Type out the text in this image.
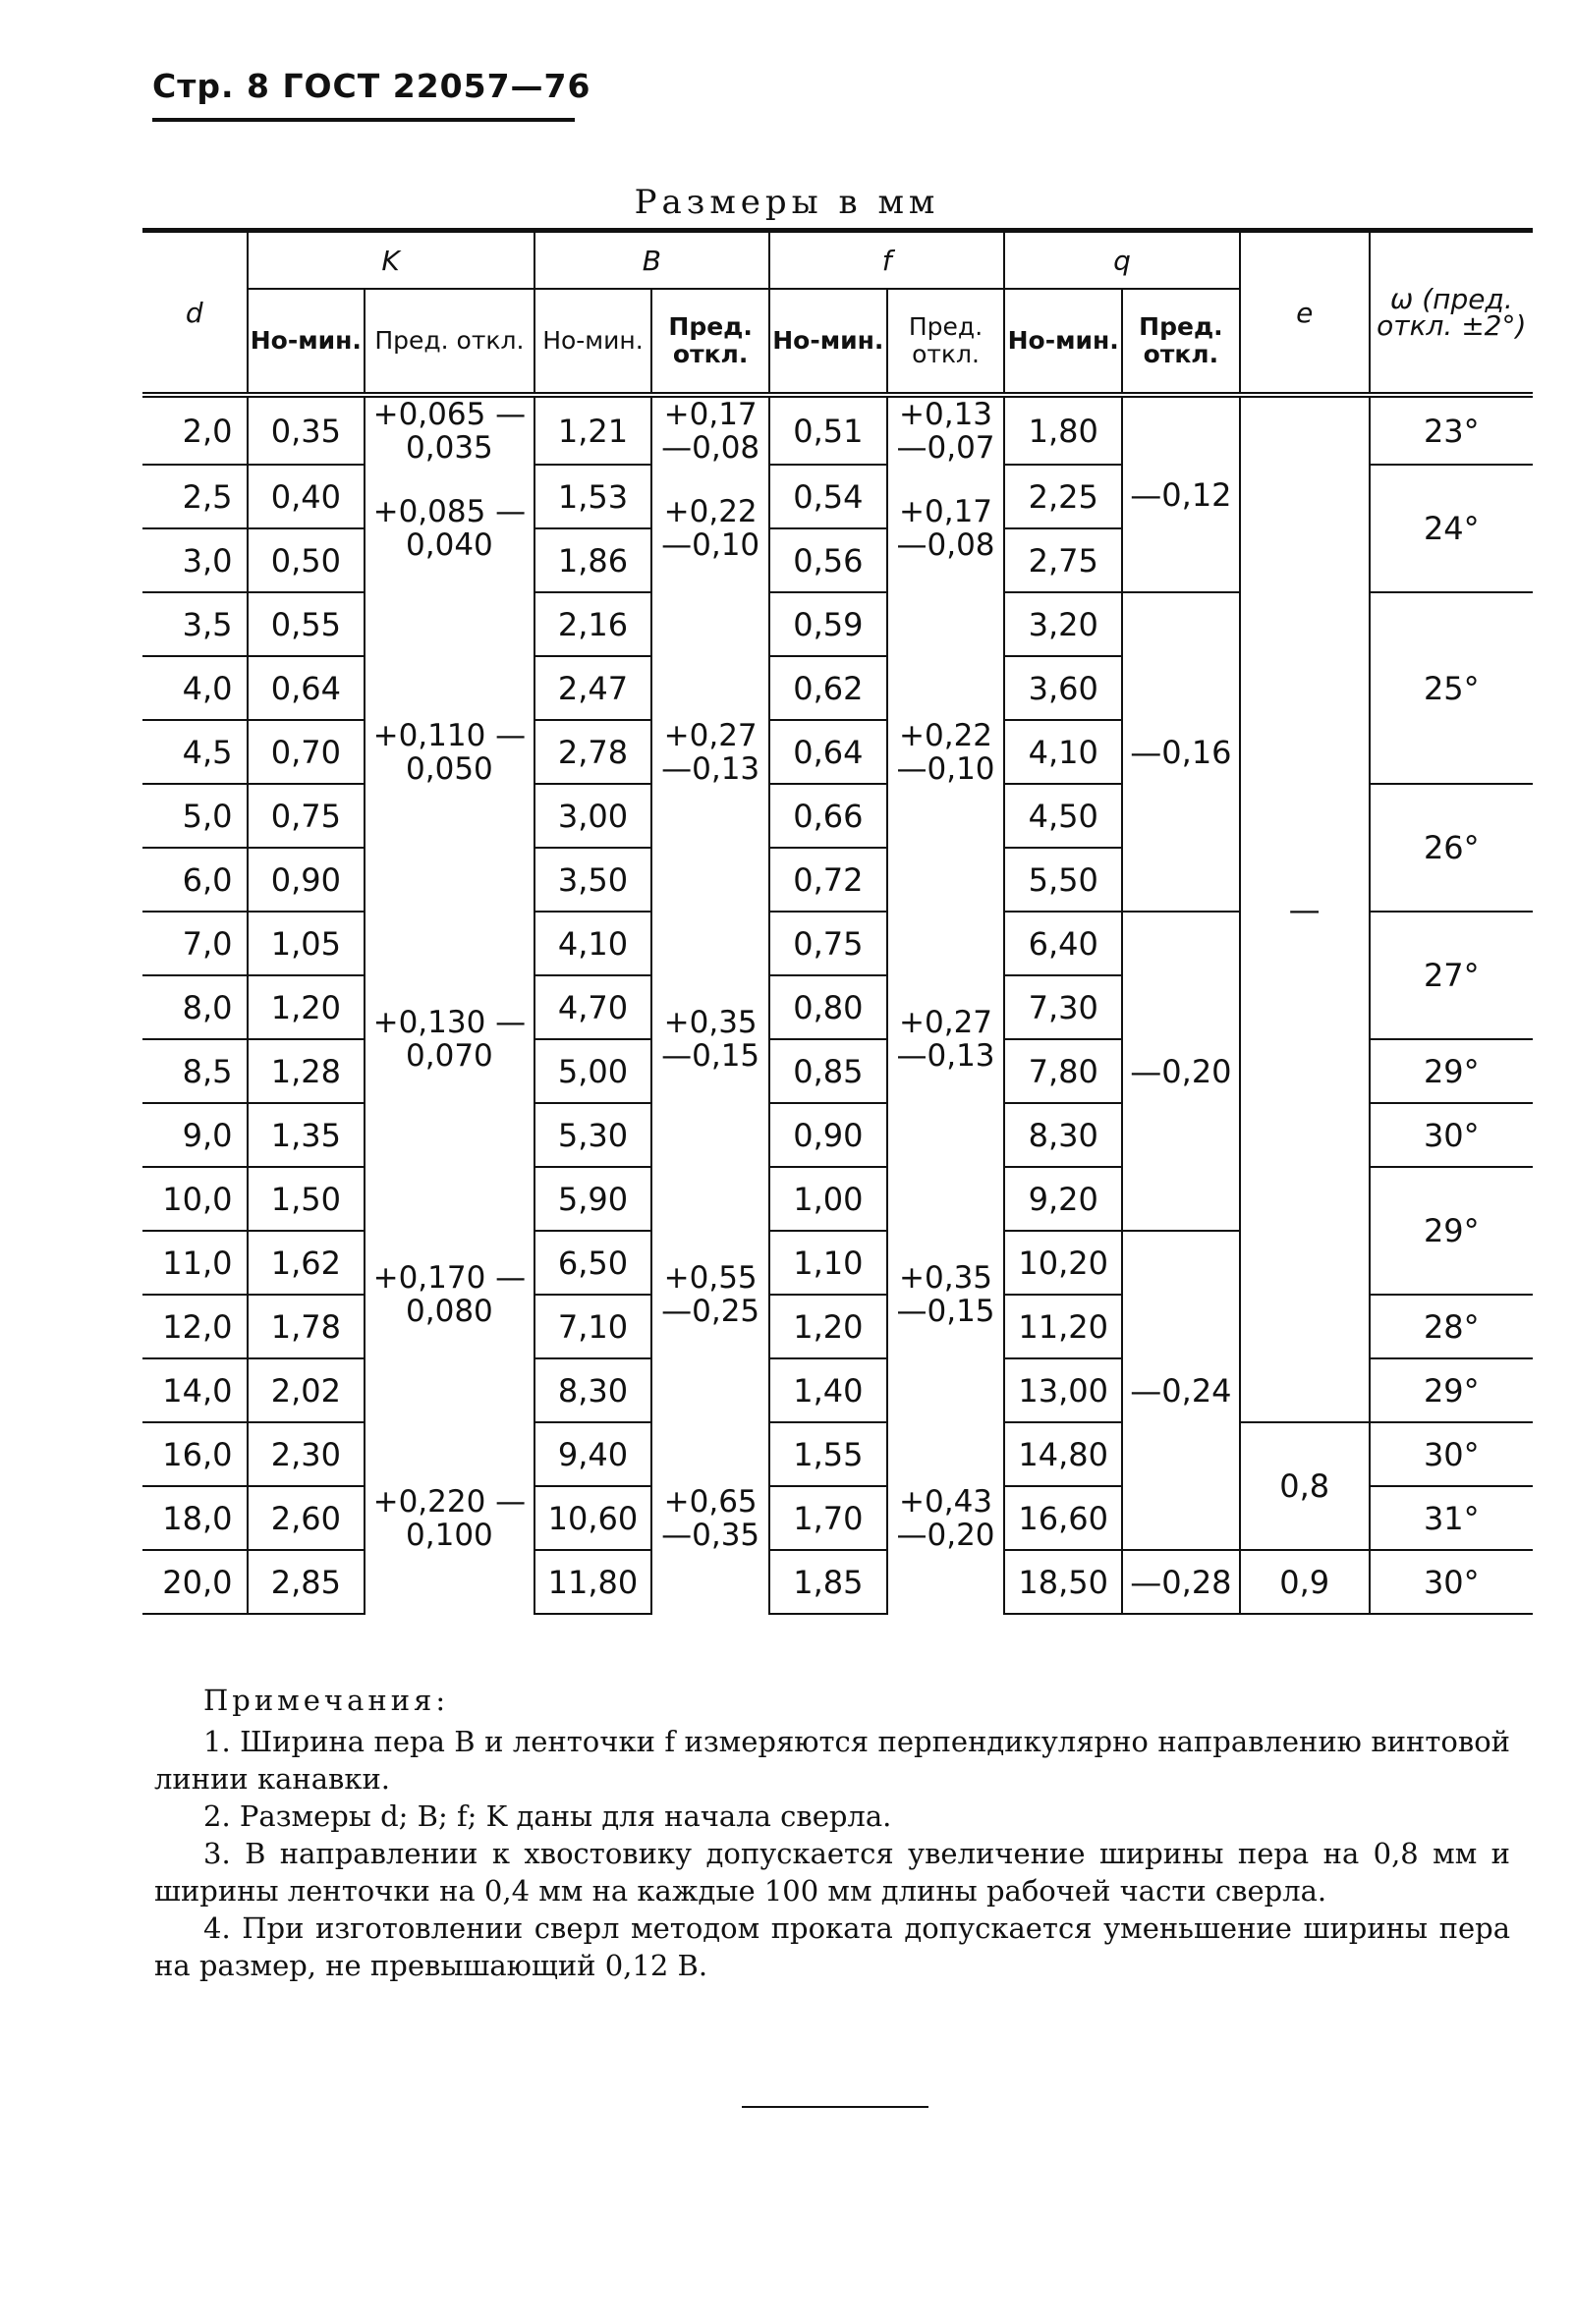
Стр. 8 ГОСТ 22057—76
Размеры в мм
d	K		B		f		q		e	ω (пред. откл. ±2°)
	Но-мин.	Пред. откл.	Но-мин.	Пред. откл.	Но-мин.	Пред. откл.	Но-мин.	Пред. откл.		
2,0	0,35	+0,065 —0,035	1,21	+0,17 —0,08	0,51	+0,13 —0,07	1,80	—0,12	—	23°
2,5	0,40	+0,085 —0,040	1,53	+0,22 —0,10	0,54	+0,17 —0,08	2,25			24°
3,0	0,50		1,86		0,56		2,75			
3,5	0,55	+0,110 —0,050	2,16	+0,27 —0,13	0,59	+0,22 —0,10	3,20	—0,16		25°
4,0	0,64		2,47		0,62		3,60			
4,5	0,70		2,78		0,64		4,10			
5,0	0,75		3,00		0,66		4,50			26°
6,0	0,90		3,50		0,72		5,50			
7,0	1,05	+0,130 —0,070	4,10	+0,35 —0,15	0,75	+0,27 —0,13	6,40	—0,20		27°
8,0	1,20		4,70		0,80		7,30			
8,5	1,28		5,00		0,85		7,80			29°
9,0	1,35		5,30		0,90		8,30			30°
10,0	1,50	+0,170 —0,080	5,90	+0,55 —0,25	1,00	+0,35 —0,15	9,20			29°
11,0	1,62		6,50		1,10		10,20	—0,24		
12,0	1,78		7,10		1,20		11,20			28°
14,0	2,02		8,30		1,40		13,00			29°
16,0	2,30	+0,220 —0,100	9,40	+0,65 —0,35	1,55	+0,43 —0,20	14,80		0,8	30°
18,0	2,60		10,60		1,70		16,60			31°
20,0	2,85		11,80		1,85		18,50	—0,28	0,9	30°
Примечания:

1. Ширина пера B и ленточки f измеряются перпендикулярно направлению винтовой линии канавки.

2. Размеры d; B; f; K даны для начала сверла.

3. В направлении к хвостовику допускается увеличение ширины пера на 0,8 мм и ширины ленточки на 0,4 мм на каждые 100 мм длины рабочей части сверла.

4. При изготовлении сверл методом проката допускается уменьшение ширины пера на размер, не превышающий 0,12 B.
